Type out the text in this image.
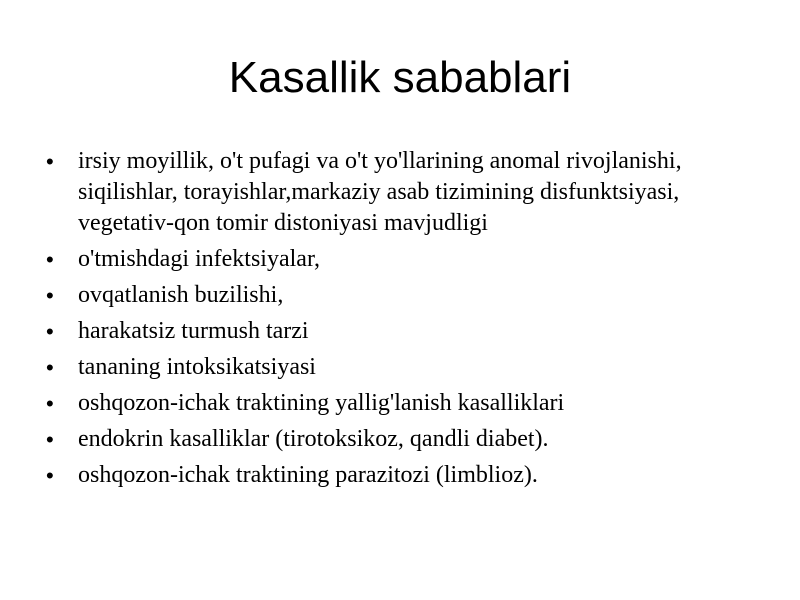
Kasallik sabablari
• irsiy moyillik, o't pufagi va o't yo'llarining anomal rivojlanishi, siqilishlar, torayishlar,markaziy asab tizimining disfunktsiyasi, vegetativ-qon tomir distoniyasi mavjudligi
• o'tmishdagi infektsiyalar,
• ovqatlanish buzilishi,
• harakatsiz turmush tarzi
• tananing intoksikatsiyasi
• oshqozon-ichak traktining yallig'lanish kasalliklari
• endokrin kasalliklar (tirotoksikoz, qandli diabet).
• oshqozon-ichak traktining parazitozi (limblioz).
